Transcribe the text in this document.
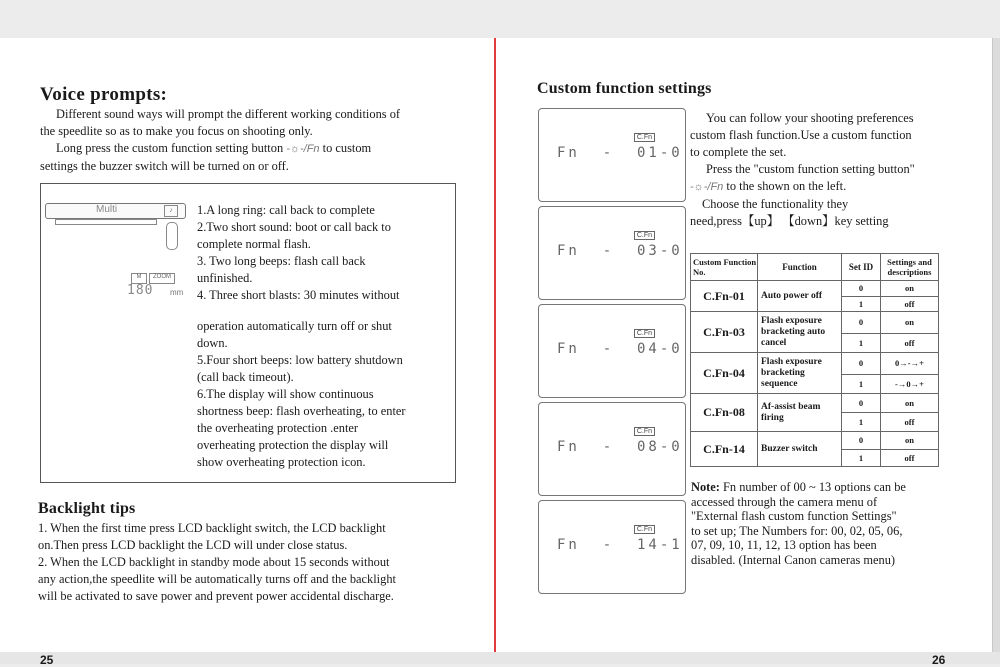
Voice prompts:

Different sound ways will prompt the different working conditions of

the speedlite so as to make you focus on shooting only.

Long press the custom function setting button -☼-/Fn to custom

settings the buzzer switch will be turned on or off.

Multi	♪
M	ZOOM
180 mm

1.A long ring: call back to complete

2.Two short sound: boot or call back to

complete normal flash.

3. Two long beeps: flash call back

unfinished.

4. Three short blasts: 30 minutes without

operation automatically turn off or shut

down.

5.Four short beeps: low battery shutdown

(call back timeout).

6.The display will show continuous

shortness beep: flash overheating, to enter

the overheating protection .enter

overheating protection the display will

show overheating protection icon.

Backlight tips

1. When the first time press LCD backlight switch, the LCD backlight

on.Then press LCD backlight the LCD will under close status.

2. When the LCD backlight in standby mode about 15 seconds without

any action,the speedlite will be automatically turns off and the backlight

will be activated to save power and prevent power accidental discharge.

25
Custom function settings
C.Fn
Fn  -  01-0
C.Fn
Fn  -  03-0
C.Fn
Fn  -  04-0
C.Fn
Fn  -  08-0
C.Fn
Fn  -  14-1

You can follow your shooting preferences

custom flash function.Use a custom function

to complete the set.

Press the "custom function setting button"

-☼-/Fn to the shown on the left.

Choose the functionality they

need,press【up】 【down】key setting

Custom Function No.	Function	Set ID	Settings and descriptions
C.Fn-01	Auto power off	0	on
		1	off
C.Fn-03	Flash exposure bracketing auto cancel	0	on
		1	off
C.Fn-04	Flash exposure bracketing sequence	0	0→-→+
		1	-→0→+
C.Fn-08	Af-assist beam firing	0	on
		1	off
C.Fn-14	Buzzer switch	0	on
		1	off

Note: Fn number of 00 ~ 13 options can be

accessed through the camera menu of

"External flash custom function Settings"

to set up; The Numbers for: 00, 02, 05, 06,

07, 09, 10, 11, 12, 13 option has been

disabled. (Internal Canon cameras menu)

26
